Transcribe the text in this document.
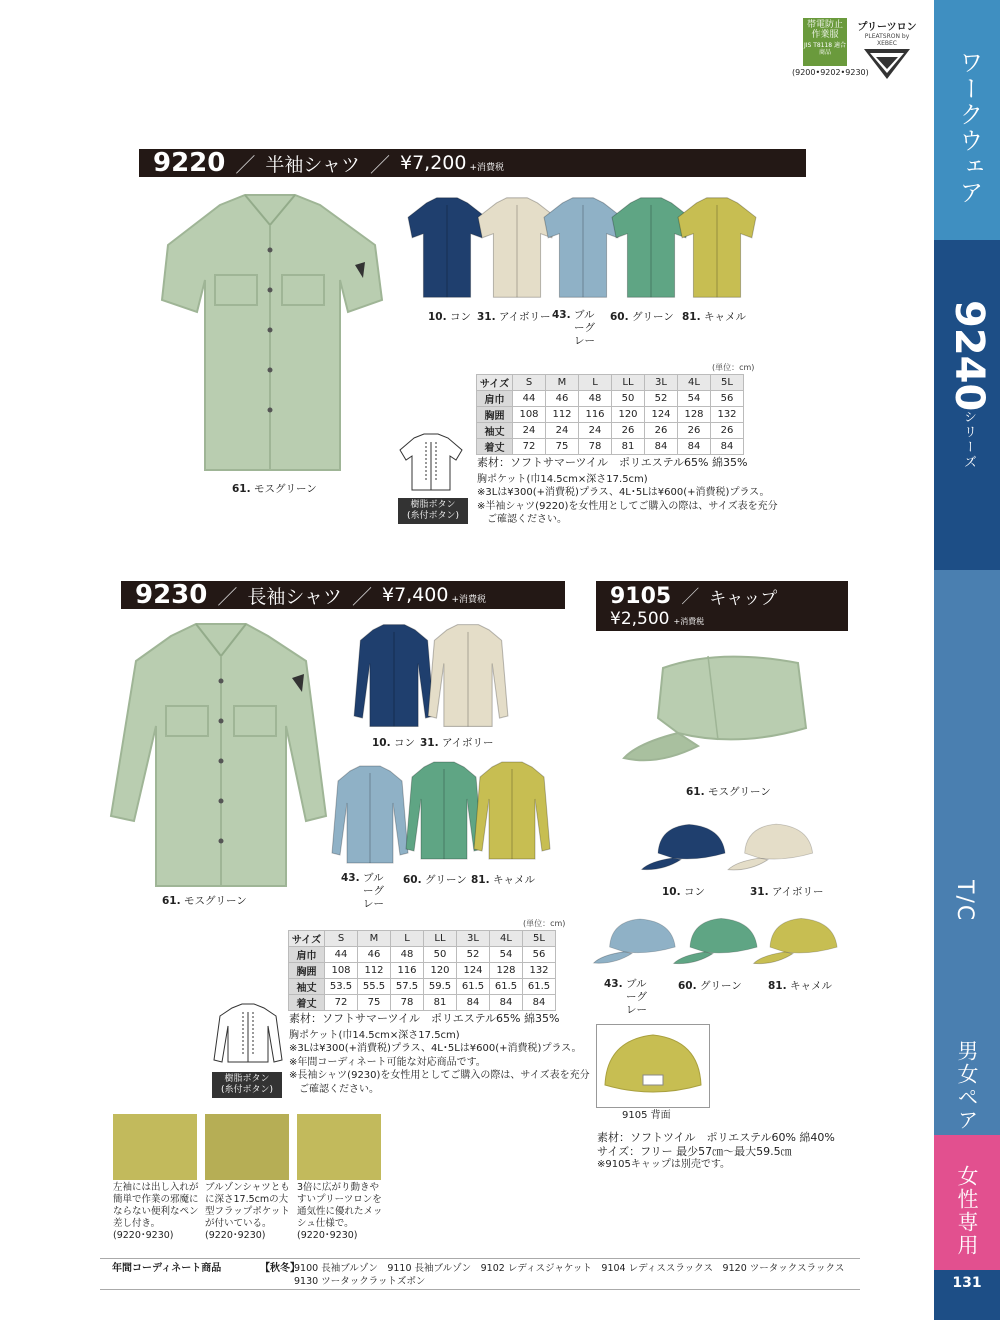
帯電防止作業服
JIS T8118 適合商品
プリーツロン
PLEATSRON by XEBEC
(9200•9202•9230)	ワークウェア
9240
シリーズ
T/C
男女ペア
女性専用
131
9220 ／ 半袖シャツ ／ ¥7,200 +消費税
61. モスグリーン
10. コン 31. アイボリー 43. ブルーグレー
60. グリーン 81. キャメル
(単位：cm)
サイズ	S	M	L	LL	3L	4L	5L
肩巾	44	46	48	50	52	54	56
胸囲	108	112	116	120	124	128	132
袖丈	24	24	24	26	26	26	26
着丈	72	75	78	81	84	84	84
樹脂ボタン
(糸付ボタン)
素材：ソフトサマーツイル　ポリエステル65% 綿35%
胸ポケット(巾14.5cm×深さ17.5cm)
※3Lは¥300(+消費税)プラス、4L･5Lは¥600(+消費税)プラス。
※半袖シャツ(9220)を女性用としてご購入の際は、サイズ表を充分
　ご確認ください。
9230 ／ 長袖シャツ ／ ¥7,400 +消費税
61. モスグリーン
10. コン 31. アイボリー
43. ブルーグレー
60. グリーン 81. キャメル
(単位：cm)
サイズ	S	M	L	LL	3L	4L	5L
肩巾	44	46	48	50	52	54	56
胸囲	108	112	116	120	124	128	132
袖丈	53.5	55.5	57.5	59.5	61.5	61.5	61.5
着丈	72	75	78	81	84	84	84
樹脂ボタン
(糸付ボタン)
素材：ソフトサマーツイル　ポリエステル65% 綿35%
胸ポケット(巾14.5cm×深さ17.5cm)
※3Lは¥300(+消費税)プラス、4L･5Lは¥600(+消費税)プラス。
※年間コーディネート可能な対応商品です。
※長袖シャツ(9230)を女性用としてご購入の際は、サイズ表を充分
　ご確認ください。
9105 ／ キャップ
¥2,500 +消費税
61. モスグリーン
10. コン	31. アイボリー
43. ブルーグレー
60. グリーン	81. キャメル
9105 背面
素材：ソフトツイル　ポリエステル60% 綿40%
サイズ：フリー 最少57㎝～最大59.5㎝
※9105キャップは別売です。
左袖には出し入れが簡単で作業の邪魔にならない便利なペン差し付き。
(9220･9230)
ブルゾンシャツともに深さ17.5cmの大型フラップポケットが付いている。
(9220･9230)
3倍に広がり動きやすいプリーツロンを通気性に優れたメッシュ仕様で。
(9220･9230)
年間コーディネート商品	【秋冬】
9100 長袖ブルゾン　9110 長袖ブルゾン　9102 レディスジャケット　9104 レディススラックス　9120 ツータックスラックス
9130 ツータックラットズボン
